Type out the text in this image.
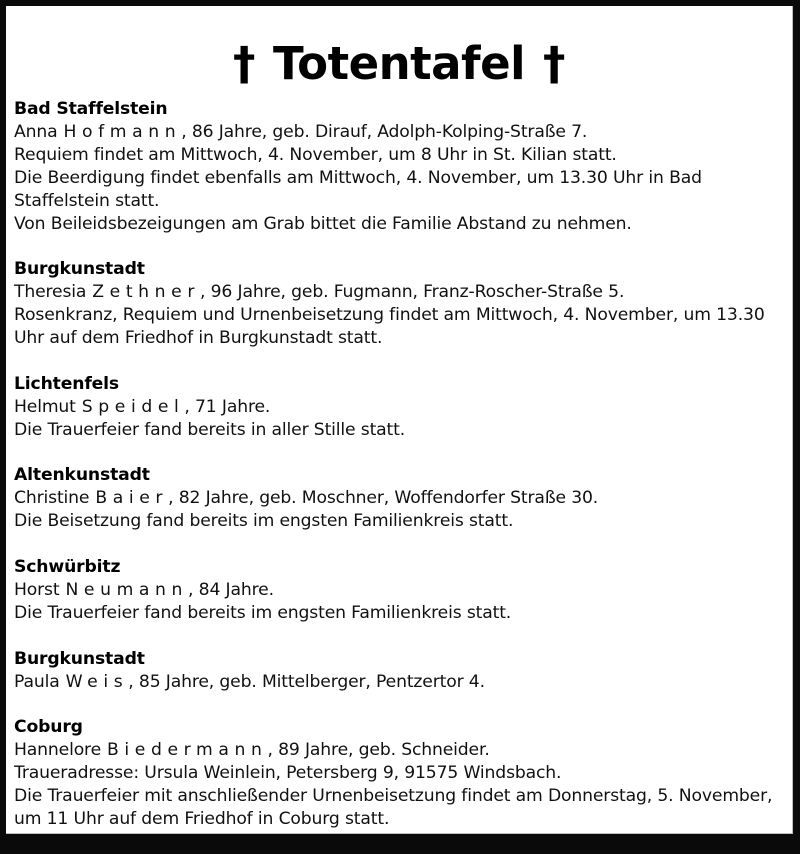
† Totentafel †
Bad Staffelstein
Anna Hofmann, 86 Jahre, geb. Dirauf, Adolph-Kolping-Straße 7.
Requiem findet am Mittwoch, 4. November, um 8 Uhr in St. Kilian statt.
Die Beerdigung findet ebenfalls am Mittwoch, 4. November, um 13.30 Uhr in Bad
Staffelstein statt.
Von Beileidsbezeigungen am Grab bittet die Familie Abstand zu nehmen.
Burgkunstadt
Theresia Zethner, 96 Jahre, geb. Fugmann, Franz-Roscher-Straße 5.
Rosenkranz, Requiem und Urnenbeisetzung findet am Mittwoch, 4. November, um 13.30
Uhr auf dem Friedhof in Burgkunstadt statt.
Lichtenfels
Helmut Speidel, 71 Jahre.
Die Trauerfeier fand bereits in aller Stille statt.
Altenkunstadt
Christine Baier, 82 Jahre, geb. Moschner, Woffendorfer Straße 30.
Die Beisetzung fand bereits im engsten Familienkreis statt.
Schwürbitz
Horst Neumann, 84 Jahre.
Die Trauerfeier fand bereits im engsten Familienkreis statt.
Burgkunstadt
Paula Weis, 85 Jahre, geb. Mittelberger, Pentzertor 4.
Coburg
Hannelore Biedermann, 89 Jahre, geb. Schneider.
Traueradresse: Ursula Weinlein, Petersberg 9, 91575 Windsbach.
Die Trauerfeier mit anschließender Urnenbeisetzung findet am Donnerstag, 5. November,
um 11 Uhr auf dem Friedhof in Coburg statt.
